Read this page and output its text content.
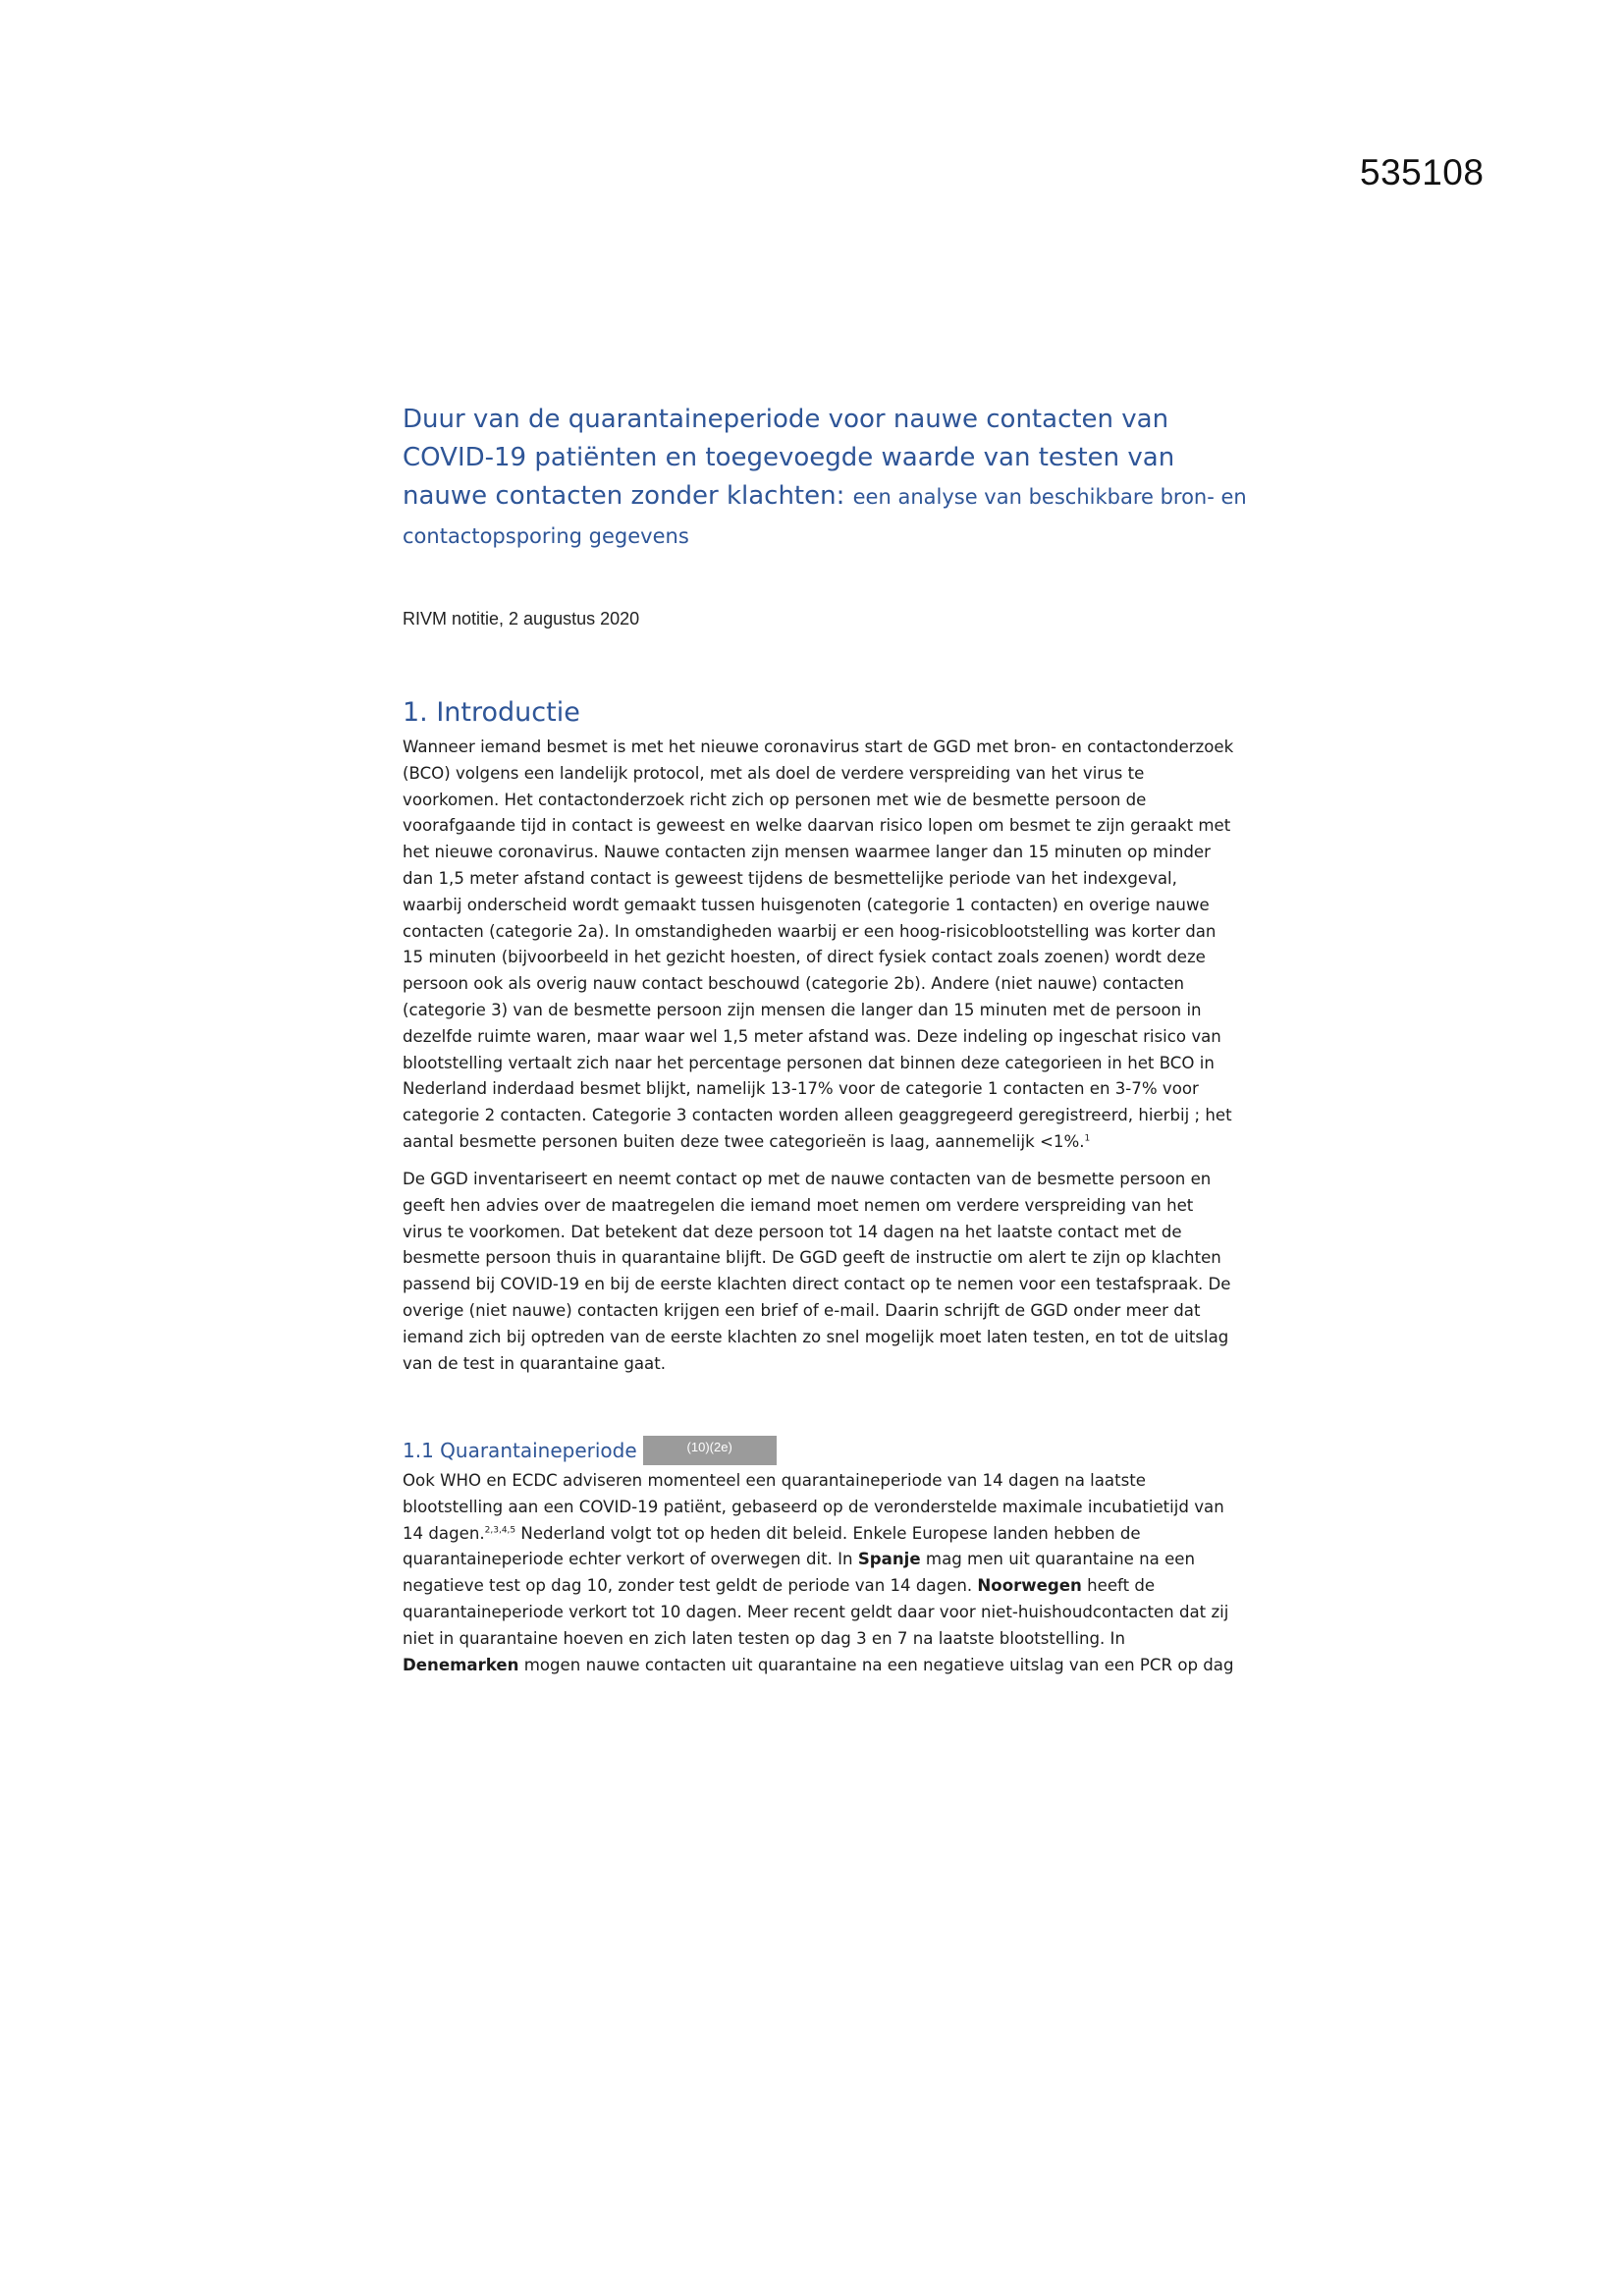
535108
Duur van de quarantaineperiode voor nauwe contacten van COVID-19 patiënten en toegevoegde waarde van testen van nauwe contacten zonder klachten: een analyse van beschikbare bron- en contactopsporing gegevens
RIVM notitie, 2 augustus 2020
1. Introductie

Wanneer iemand besmet is met het nieuwe coronavirus start de GGD met bron- en contactonderzoek (BCO) volgens een landelijk protocol, met als doel de verdere verspreiding van het virus te voorkomen. Het contactonderzoek richt zich op personen met wie de besmette persoon de voorafgaande tijd in contact is geweest en welke daarvan risico lopen om besmet te zijn geraakt met het nieuwe coronavirus. Nauwe contacten zijn mensen waarmee langer dan 15 minuten op minder dan 1,5 meter afstand contact is geweest tijdens de besmettelijke periode van het indexgeval, waarbij onderscheid wordt gemaakt tussen huisgenoten (categorie 1 contacten) en overige nauwe contacten (categorie 2a). In omstandigheden waarbij er een hoog-risicoblootstelling was korter dan 15 minuten (bijvoorbeeld in het gezicht hoesten, of direct fysiek contact zoals zoenen) wordt deze persoon ook als overig nauw contact beschouwd (categorie 2b). Andere (niet nauwe) contacten (categorie 3) van de besmette persoon zijn mensen die langer dan 15 minuten met de persoon in dezelfde ruimte waren, maar waar wel 1,5 meter afstand was. Deze indeling op ingeschat risico van blootstelling vertaalt zich naar het percentage personen dat binnen deze categorieen in het BCO in Nederland inderdaad besmet blijkt, namelijk 13-17% voor de categorie 1 contacten en 3-7% voor categorie 2 contacten. Categorie 3 contacten worden alleen geaggregeerd geregistreerd, hierbij ; het aantal besmette personen buiten deze twee categorieën is laag, aannemelijk <1%.$^1$

De GGD inventariseert en neemt contact op met de nauwe contacten van de besmette persoon en geeft hen advies over de maatregelen die iemand moet nemen om verdere verspreiding van het virus te voorkomen. Dat betekent dat deze persoon tot 14 dagen na het laatste contact met de besmette persoon thuis in quarantaine blijft. De GGD geeft de instructie om alert te zijn op klachten passend bij COVID-19 en bij de eerste klachten direct contact op te nemen voor een testafspraak. De overige (niet nauwe) contacten krijgen een brief of e-mail. Daarin schrijft de GGD onder meer dat iemand zich bij optreden van de eerste klachten zo snel mogelijk moet laten testen, en tot de uitslag van de test in quarantaine gaat.

1.1 Quarantaineperiode	(10)(2e)

Ook WHO en ECDC adviseren momenteel een quarantaineperiode van 14 dagen na laatste blootstelling aan een COVID-19 patiënt, gebaseerd op de veronderstelde maximale incubatietijd van 14 dagen.$^{2,3,4,5}$ Nederland volgt tot op heden dit beleid. Enkele Europese landen hebben de quarantaineperiode echter verkort of overwegen dit. In Spanje mag men uit quarantaine na een negatieve test op dag 10, zonder test geldt de periode van 14 dagen. Noorwegen heeft de quarantaineperiode verkort tot 10 dagen. Meer recent geldt daar voor niet-huishoudcontacten dat zij niet in quarantaine hoeven en zich laten testen op dag 3 en 7 na laatste blootstelling. In Denemarken mogen nauwe contacten uit quarantaine na een negatieve uitslag van een PCR op dag
